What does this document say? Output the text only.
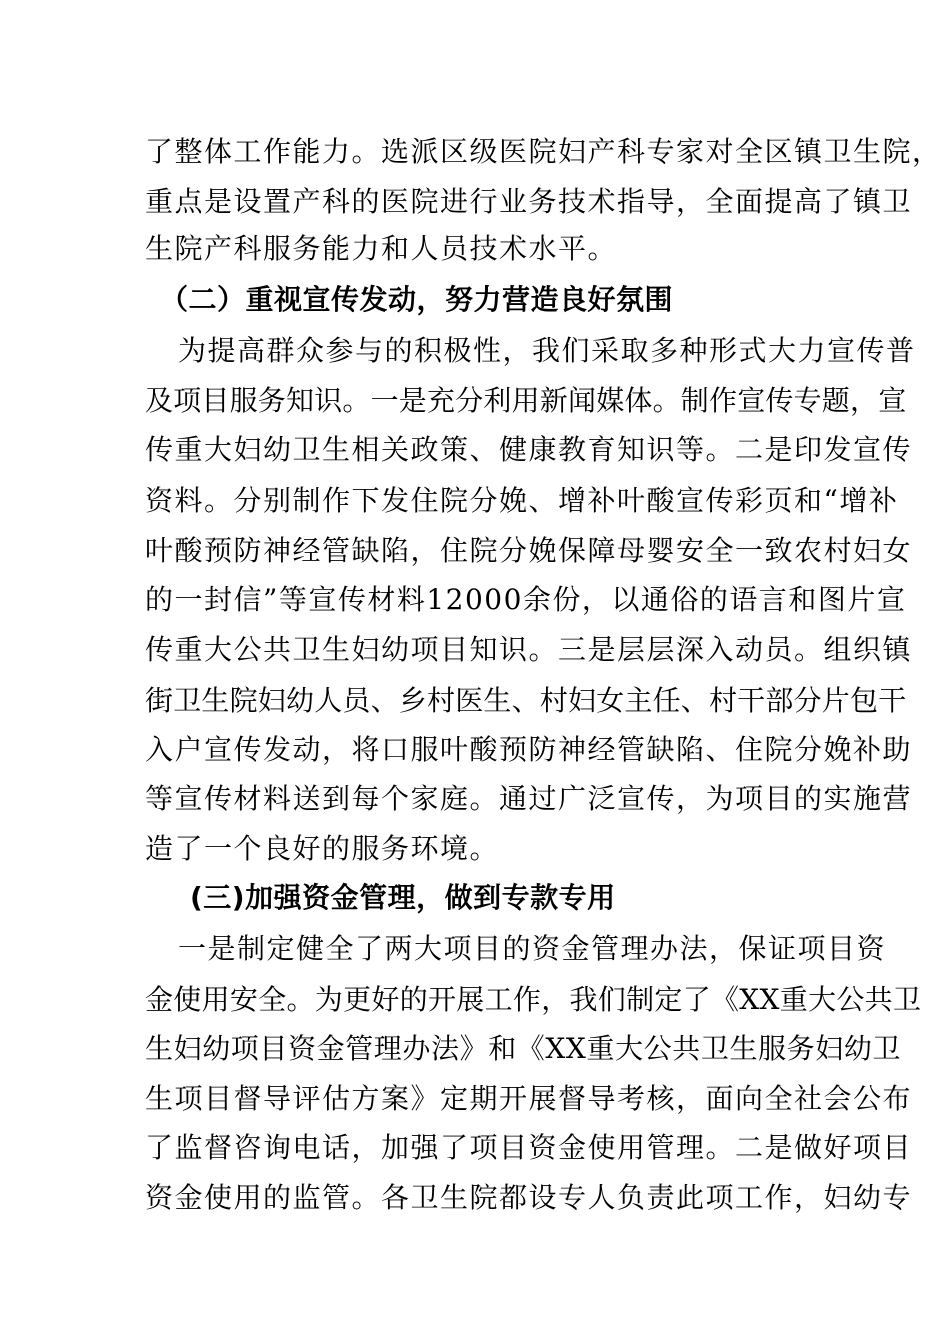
了整体工作能力。选派区级医院妇产科专家对全区镇卫生院，
重点是设置产科的医院进行业务技术指导，全面提高了镇卫
生院产科服务能力和人员技术水平。
（二）重视宣传发动，努力营造良好氛围
为提高群众参与的积极性，我们采取多种形式大力宣传普
及项目服务知识。一是充分利用新闻媒体。制作宣传专题，宣
传重大妇幼卫生相关政策、健康教育知识等。二是印发宣传
资料。分别制作下发住院分娩、增补叶酸宣传彩页和“增补
叶酸预防神经管缺陷，住院分娩保障母婴安全一致农村妇女
的一封信”等宣传材料12000余份，以通俗的语言和图片宣
传重大公共卫生妇幼项目知识。三是层层深入动员。组织镇
街卫生院妇幼人员、乡村医生、村妇女主任、村干部分片包干
入户宣传发动，将口服叶酸预防神经管缺陷、住院分娩补助
等宣传材料送到每个家庭。通过广泛宣传，为项目的实施营
造了一个良好的服务环境。
(三)加强资金管理，做到专款专用
一是制定健全了两大项目的资金管理办法，保证项目资
金使用安全。为更好的开展工作，我们制定了《XX重大公共卫
生妇幼项目资金管理办法》和《XX重大公共卫生服务妇幼卫
生项目督导评估方案》定期开展督导考核，面向全社会公布
了监督咨询电话，加强了项目资金使用管理。二是做好项目
资金使用的监管。各卫生院都设专人负责此项工作，妇幼专
